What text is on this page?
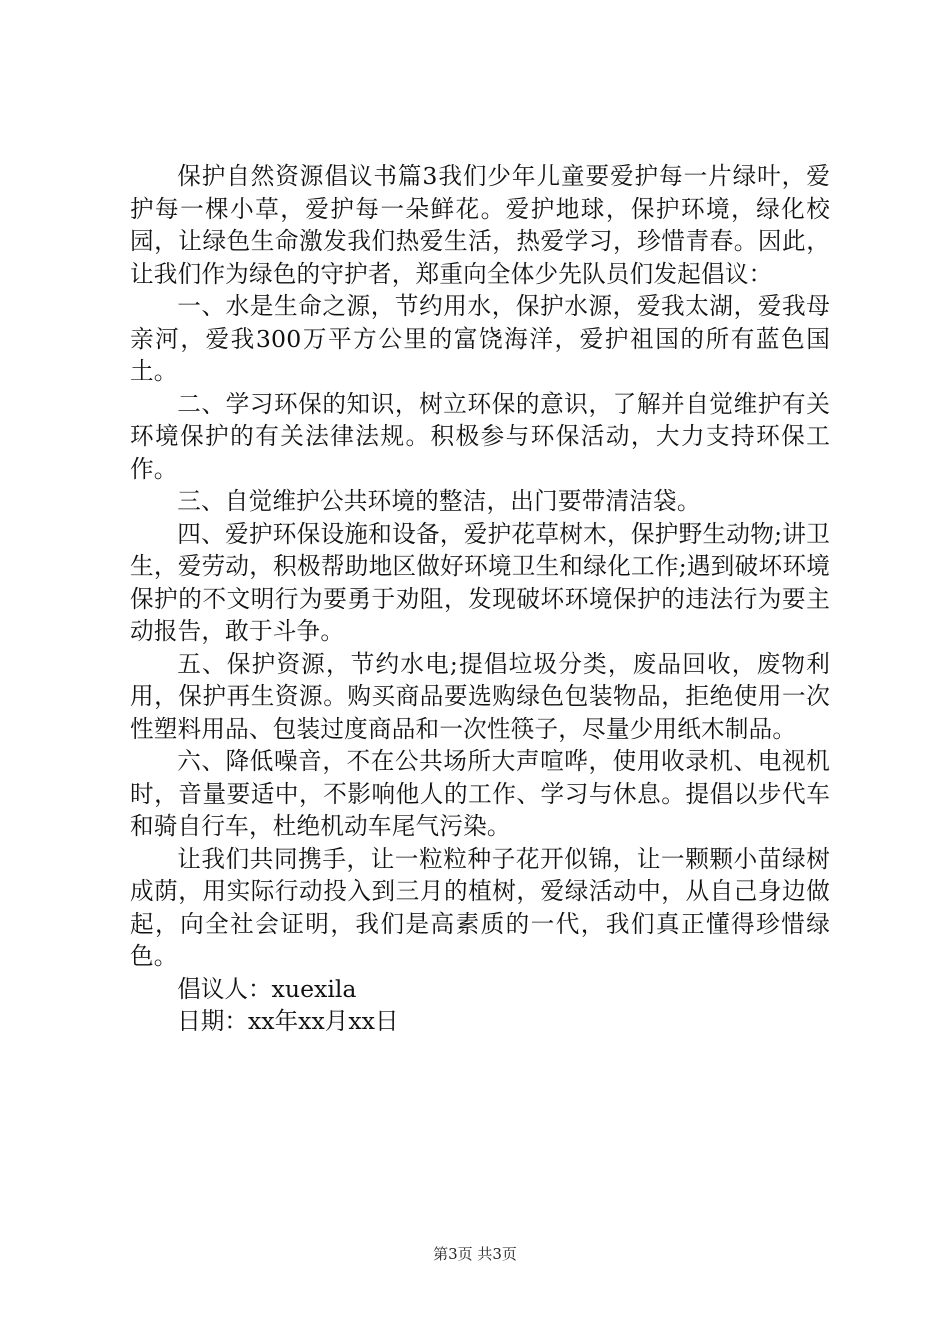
保护自然资源倡议书篇3我们少年儿童要爱护每一片绿叶，爱护每一棵小草，爱护每一朵鲜花。爱护地球，保护环境，绿化校园，让绿色生命激发我们热爱生活，热爱学习，珍惜青春。因此，让我们作为绿色的守护者，郑重向全体少先队员们发起倡议：

一、水是生命之源，节约用水，保护水源，爱我太湖，爱我母亲河，爱我300万平方公里的富饶海洋，爱护祖国的所有蓝色国土。

二、学习环保的知识，树立环保的意识，了解并自觉维护有关环境保护的有关法律法规。积极参与环保活动，大力支持环保工作。

三、自觉维护公共环境的整洁，出门要带清洁袋。

四、爱护环保设施和设备，爱护花草树木，保护野生动物;讲卫生，爱劳动，积极帮助地区做好环境卫生和绿化工作;遇到破坏环境保护的不文明行为要勇于劝阻，发现破坏环境保护的违法行为要主动报告，敢于斗争。

五、保护资源，节约水电;提倡垃圾分类，废品回收，废物利用，保护再生资源。购买商品要选购绿色包装物品，拒绝使用一次性塑料用品、包装过度商品和一次性筷子，尽量少用纸木制品。

六、降低噪音，不在公共场所大声喧哗，使用收录机、电视机时，音量要适中，不影响他人的工作、学习与休息。提倡以步代车和骑自行车，杜绝机动车尾气污染。

让我们共同携手，让一粒粒种子花开似锦，让一颗颗小苗绿树成荫，用实际行动投入到三月的植树，爱绿活动中，从自己身边做起，向全社会证明，我们是高素质的一代，我们真正懂得珍惜绿色。

倡议人：xuexila

日期：xx年xx月xx日

第3页 共3页
